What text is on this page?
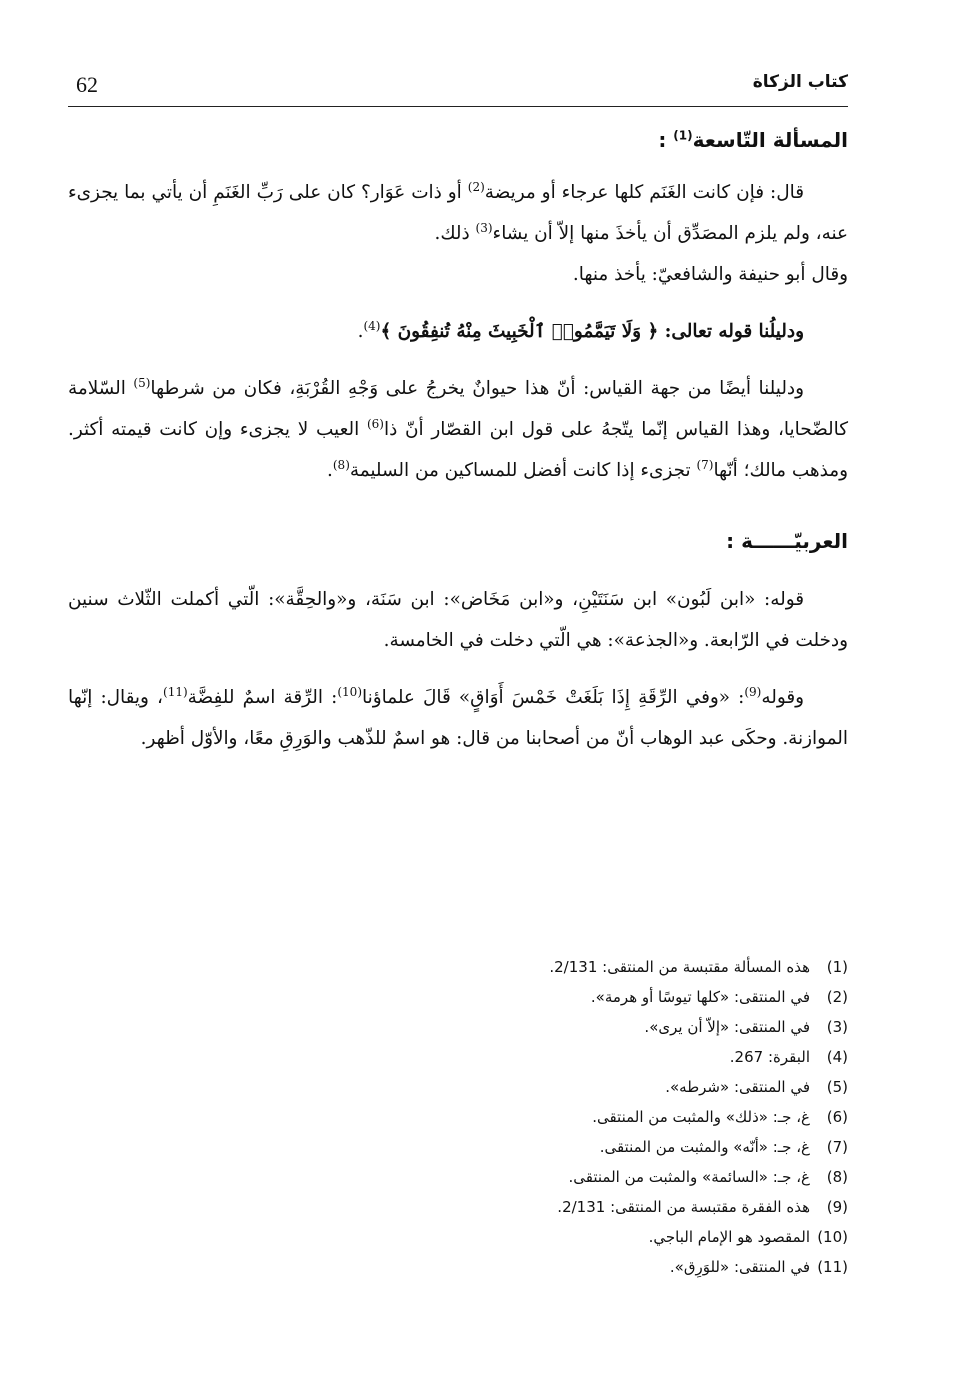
62	كتاب الزكاة

المسألة التّاسعة$^{(1)}$ :

قال: فإن كانت الغَنَم كلها عرجاء أو مريضة$^{(2)}$ أو ذات عَوَار؟ كان على رَبِّ الغَنَمِ أن يأتي بما يجزىء عنه، ولم يلزم المصَدِّق أن يأخذَ منها إلاّ أن يشاء$^{(3)}$ ذلك.

وقال أبو حنيفة والشافعيّ: يأخذ منها.

ودليلُنا قوله تعالى: ﴿ وَلَا تَيَمَّمُوا۟ ٱلْخَبِيثَ مِنْهُ تُنفِقُونَ ﴾$^{(4)}$.

ودليلنا أيضًا من جهة القياس: أنّ هذا حيوانٌ يخرجُ على وَجْهِ القُرْبَةِ، فكان من شرطها$^{(5)}$ السّلامة كالضّحايا، وهذا القياس إنّما يتّجهُ على قول ابن القصّار أنّ ذا$^{(6)}$ العيب لا يجزىء وإن كانت قيمته أكثر. ومذهب مالك؛ أنّها$^{(7)}$ تجزىء إذا كانت أفضل للمساكين من السليمة$^{(8)}$.

العربيّــــــة :

قوله: «ابن لَبُون» ابن سَنَتَيْنِ، و«ابن مَخَاض»: ابن سَنَة، و«والحِقَّة»: الّتي أكملت الثّلاث سنين ودخلت في الرّابعة. و«الجذعة»: هي الّتي دخلت في الخامسة.

وقوله$^{(9)}$: «وفي الرِّقَةِ إِذَا بَلَغَتْ خَمْسَ أَوَاقٍ» قَالَ علماؤنا$^{(10)}$: الرِّقة اسمٌ للفِضَّة$^{(11)}$، ويقال: إنّها الموازنة. وحكَى عبد الوهاب أنّ من أصحابنا من قال: هو اسمٌ للذّهب والوَرِقِ معًا، والأوّل أظهر.

(1)هذه المسألة مقتبسة من المنتقى: 2/131.
(2)في المنتقى: «كلها تيوسًا أو هرمة».
(3)في المنتقى: «إلاّ أن يرى».
(4)البقرة: 267.
(5)في المنتقى: «شرطه».
(6)غ، جـ: «ذلك» والمثبت من المنتقى.
(7)غ، جـ: «أنّه» والمثبت من المنتقى.
(8)غ، جـ: «السائمة» والمثبت من المنتقى.
(9)هذه الفقرة مقتبسة من المنتقى: 2/131.
(10)المقصود هو الإمام الباجي.
(11)في المنتقى: «للوَرِق».
